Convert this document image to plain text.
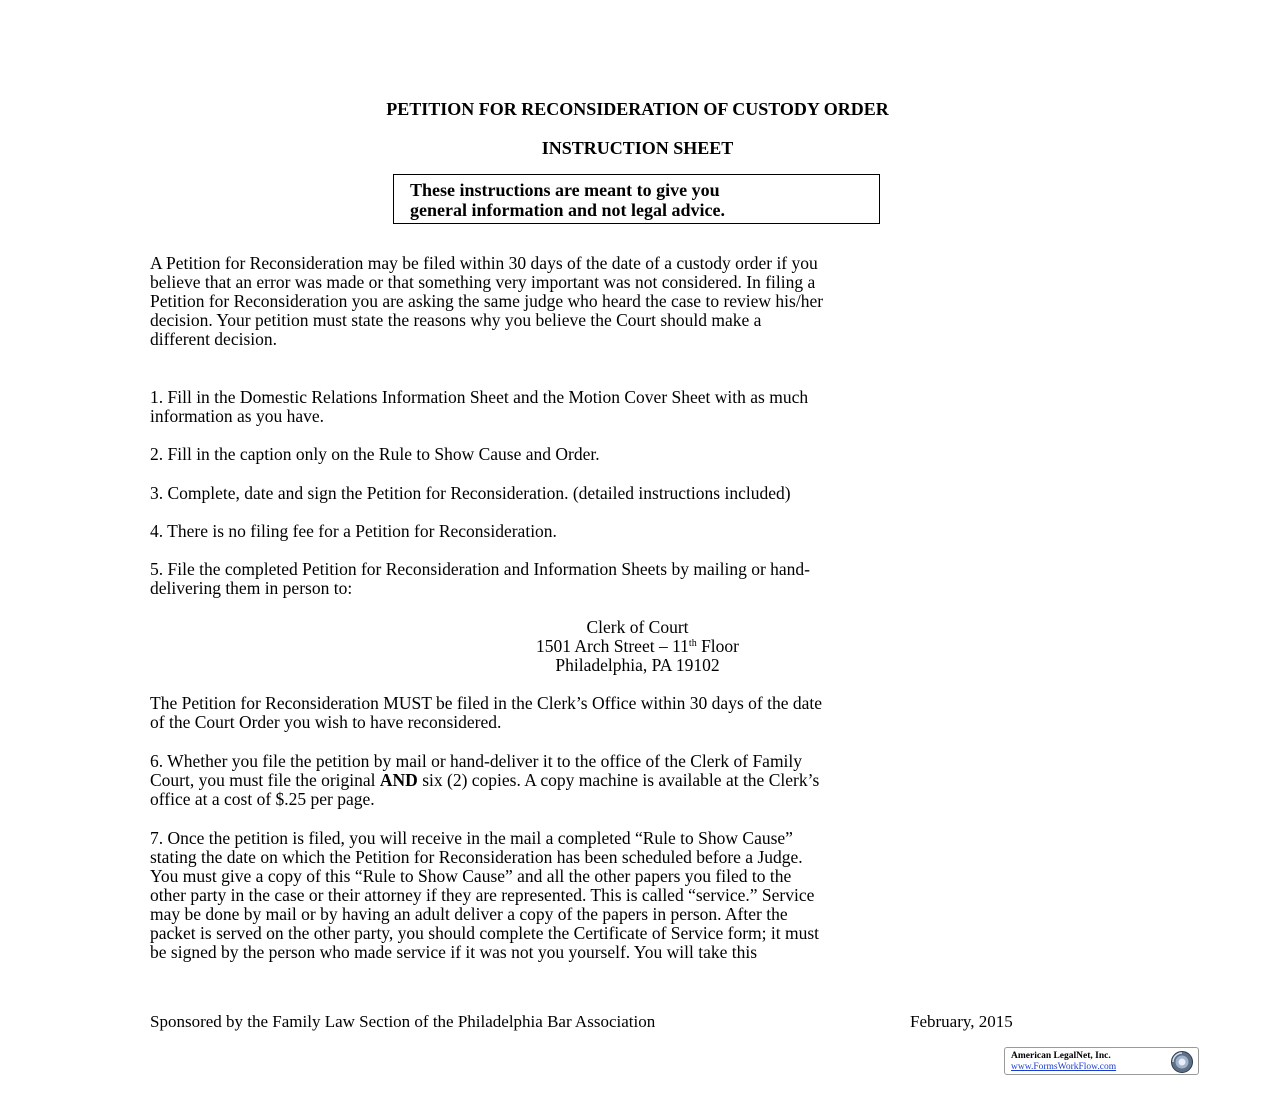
PETITION FOR RECONSIDERATION OF CUSTODY ORDER
INSTRUCTION SHEET
These instructions are meant to give you
general information and not legal advice.
A Petition for Reconsideration may be filed within 30 days of the date of a custody order if you
believe that an error was made or that something very important was not considered. In filing a
Petition for Reconsideration you are asking the same judge who heard the case to review his/her
decision. Your petition must state the reasons why you believe the Court should make a
different decision.
1. Fill in the Domestic Relations Information Sheet and the Motion Cover Sheet with as much
information as you have.
2. Fill in the caption only on the Rule to Show Cause and Order.
3. Complete, date and sign the Petition for Reconsideration. (detailed instructions included)
4. There is no filing fee for a Petition for Reconsideration.
5. File the completed Petition for Reconsideration and Information Sheets by mailing or hand-
delivering them in person to:
Clerk of Court
1501 Arch Street – 11th Floor
Philadelphia, PA 19102
The Petition for Reconsideration MUST be filed in the Clerk’s Office within 30 days of the date
of the Court Order you wish to have reconsidered.
6. Whether you file the petition by mail or hand-deliver it to the office of the Clerk of Family
Court, you must file the original AND six (2) copies. A copy machine is available at the Clerk’s
office at a cost of $.25 per page.
7. Once the petition is filed, you will receive in the mail a completed “Rule to Show Cause”
stating the date on which the Petition for Reconsideration has been scheduled before a Judge.
You must give a copy of this “Rule to Show Cause” and all the other papers you filed to the
other party in the case or their attorney if they are represented. This is called “service.” Service
may be done by mail or by having an adult deliver a copy of the papers in person. After the
packet is served on the other party, you should complete the Certificate of Service form; it must
be signed by the person who made service if it was not you yourself. You will take this
Sponsored by the Family Law Section of the Philadelphia Bar Association	February, 2015
American LegalNet, Inc.
www.FormsWorkFlow.com
